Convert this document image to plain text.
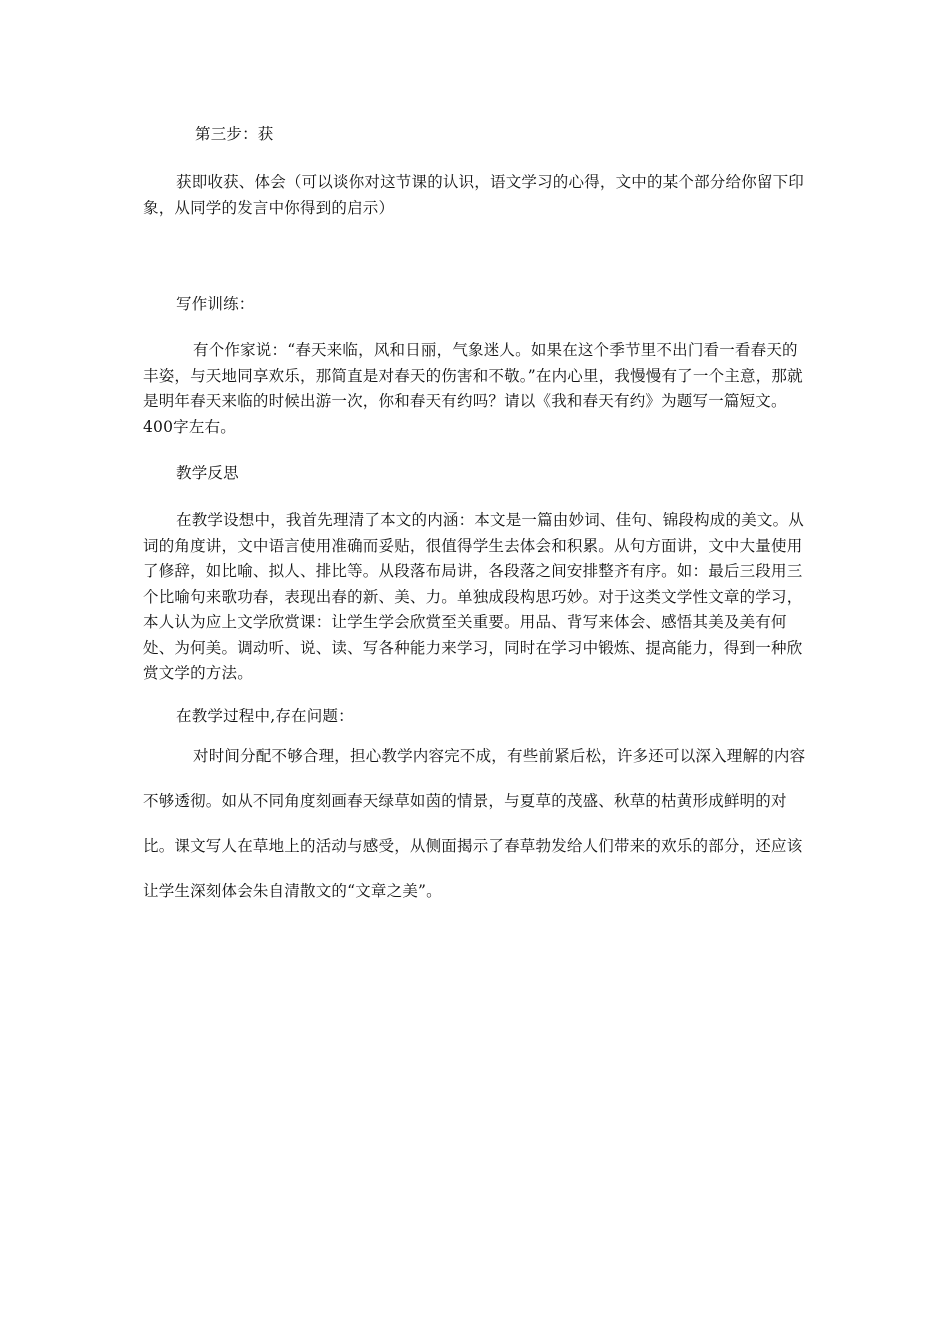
第三步：获

获即收获、体会（可以谈你对这节课的认识，语文学习的心得，文中的某个部分给你留下印象，从同学的发言中你得到的启示）

写作训练：

有个作家说：“春天来临，风和日丽，气象迷人。如果在这个季节里不出门看一看春天的丰姿，与天地同享欢乐，那简直是对春天的伤害和不敬。”在内心里，我慢慢有了一个主意，那就是明年春天来临的时候出游一次，你和春天有约吗？请以《我和春天有约》为题写一篇短文。400字左右。

教学反思

在教学设想中，我首先理清了本文的内涵：本文是一篇由妙词、佳句、锦段构成的美文。从词的角度讲，文中语言使用准确而妥贴，很值得学生去体会和积累。从句方面讲，文中大量使用了修辞，如比喻、拟人、排比等。从段落布局讲，各段落之间安排整齐有序。如：最后三段用三个比喻句来歌功春，表现出春的新、美、力。单独成段构思巧妙。对于这类文学性文章的学习，本人认为应上文学欣赏课：让学生学会欣赏至关重要。用品、背写来体会、感悟其美及美有何处、为何美。调动听、说、读、写各种能力来学习，同时在学习中锻炼、提高能力，得到一种欣赏文学的方法。

在教学过程中,存在问题：

对时间分配不够合理，担心教学内容完不成，有些前紧后松，许多还可以深入理解的内容不够透彻。如从不同角度刻画春天绿草如茵的情景，与夏草的茂盛、秋草的枯黄形成鲜明的对比。课文写人在草地上的活动与感受，从侧面揭示了春草勃发给人们带来的欢乐的部分，还应该让学生深刻体会朱自清散文的“文章之美”。
